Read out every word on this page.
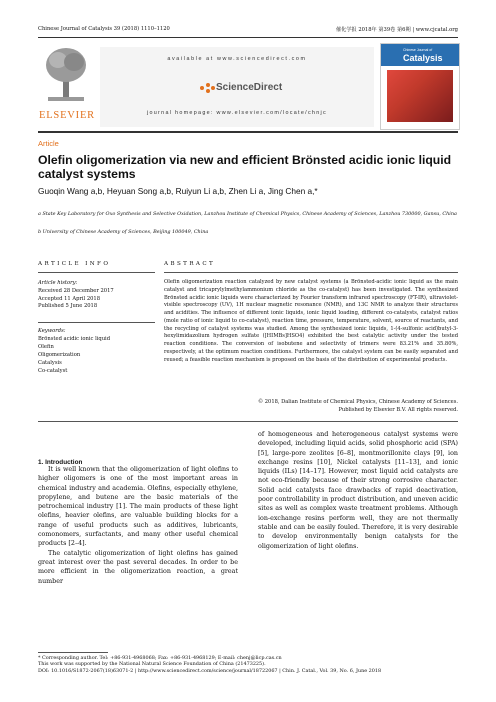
Chinese Journal of Catalysis 39 (2018) 1110–1120	催化学报 2018年 第39卷 第6期 | www.cjcatal.org
ELSEVIER
available at www.sciencedirect.com
ScienceDirect
journal homepage: www.elsevier.com/locate/chnjc
Chinese Journal of
Catalysis
Article
Olefin oligomerization via new and efficient Brönsted acidic ionic liquid catalyst systems
Guoqin Wang a,b, Heyuan Song a,b, Ruiyun Li a,b, Zhen Li a, Jing Chen a,*
a State Key Laboratory for Oxo Synthesis and Selective Oxidation, Lanzhou Institute of Chemical Physics, Chinese Academy of Sciences, Lanzhou 730000, Gansu, China
b University of Chinese Academy of Sciences, Beijing 100049, China
ARTICLE INFO	ABSTRACT
Article history:
Received 28 December 2017
Accepted 11 April 2018
Published 5 June 2018
Keywords:
Brönsted acidic ionic liquid
Olefin
Oligomerization
Catalysis
Co-catalyst
Olefin oligomerization reaction catalyzed by new catalyst systems (a Brönsted-acidic ionic liquid as the main catalyst and tricaprylylmethylammonium chloride as the co-catalyst) has been investigated. The synthesized Brönsted acidic ionic liquids were characterized by Fourier transform infrared spectroscopy (FT-IR), ultraviolet-visible spectroscopy (UV), 1H nuclear magnetic resonance (NMR), and 13C NMR to analyze their structures and acidities. The influence of different ionic liquids, ionic liquid loading, different co-catalysts, catalyst ratios (mole ratio of ionic liquid to co-catalyst), reaction time, pressure, temperature, solvent, source of reactants, and the recycling of catalyst systems was studied. Among the synthesized ionic liquids, 1-(4-sulfonic acid)butyl-3-hexylimidazolium hydrogen sulfate ([HIMBs]HSO4) exhibited the best catalytic activity under the tested reaction conditions. The conversion of isobutene and selectivity of trimers were 83.21% and 35.80%, respectively, at the optimum reaction conditions. Furthermore, the catalyst system can be easily separated and reused; a feasible reaction mechanism is proposed on the basis of the distribution of experimental products.
© 2018, Dalian Institute of Chemical Physics, Chinese Academy of Sciences.
Published by Elsevier B.V. All rights reserved.
1. Introduction
It is well known that the oligomerization of light olefins to higher oligomers is one of the most important areas in chemical industry and academia. Olefins, especially ethylene, propylene, and butene are the basic materials of the petrochemical industry [1]. The main products of these light olefins, heavier olefins, are valuable building blocks for a range of useful products such as additives, lubricants, comonomers, surfactants, and many other useful chemical products [2–4].
The catalytic oligomerization of light olefins has gained great interest over the past several decades. In order to be more efficient in the oligomerization reaction, a great number
of homogeneous and heterogeneous catalyst systems were developed, including liquid acids, solid phosphoric acid (SPA) [5], large-pore zeolites [6–8], montmorillonite clays [9], ion exchange resins [10], Nickel catalysts [11–13], and ionic liquids (ILs) [14–17]. However, most liquid acid catalysts are not eco-friendly because of their strong corrosive character. Solid acid catalysts face drawbacks of rapid deactivation, poor controllability in product distribution, and uneven acidic sites as well as complex waste treatment problems. Although ion-exchange resins perform well, they are not thermally stable and can be easily fouled. Therefore, it is very desirable to develop environmentally benign catalysts for the oligomerization of light olefins.
* Corresponding author. Tel: +86-931-4968068; Fax: +86-931-4968129; E-mail: chenj@licp.cas.cn
This work was supported by the National Natural Science Foundation of China (21473225).
DOI: 10.1016/S1872-2067(18)63071-2 | http://www.sciencedirect.com/science/journal/18722067 | Chin. J. Catal., Vol. 39, No. 6, June 2018
